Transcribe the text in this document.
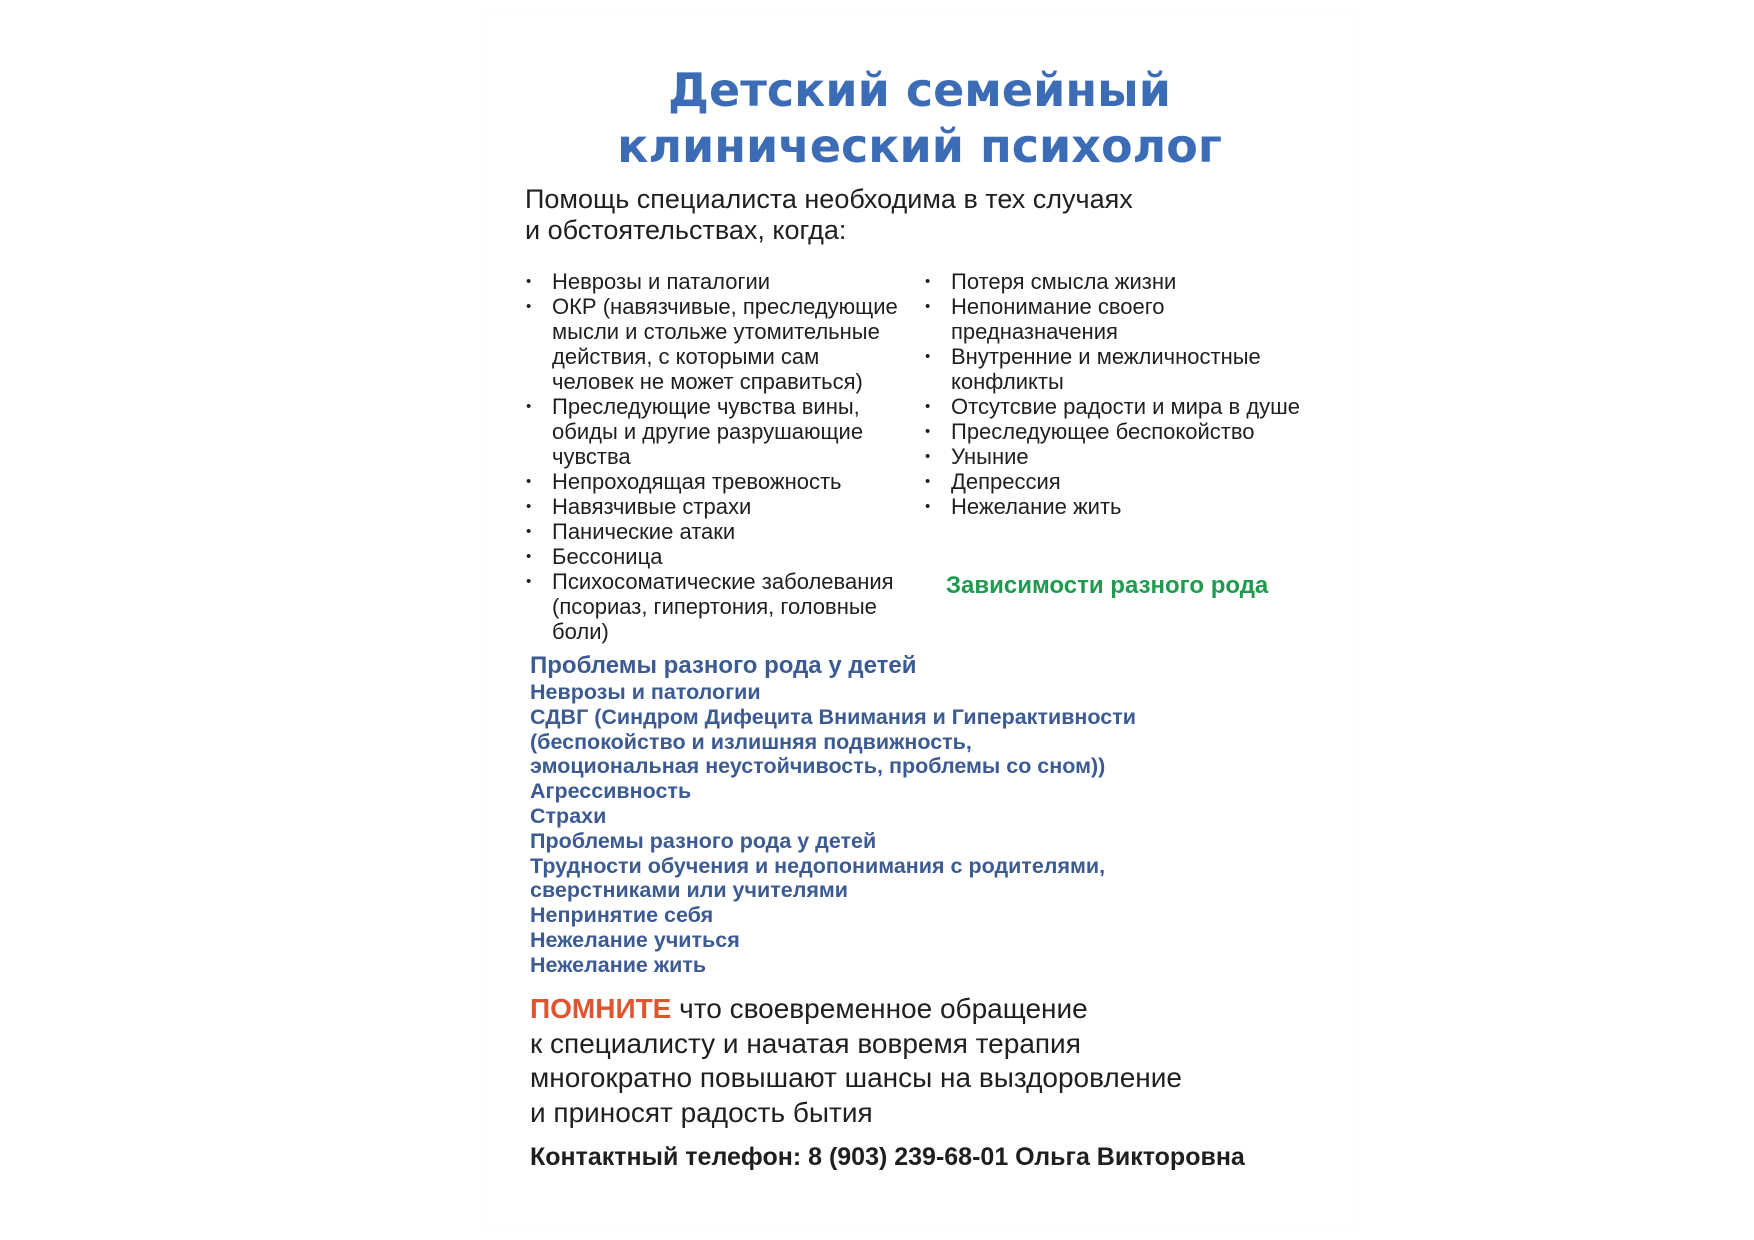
Детский семейный
клинический психолог

Помощь специалиста необходима в тех случаях
и обстоятельствах, когда:

• Неврозы и паталогии
• ОКР (навязчивые, преследующие мысли и стольже утомительные действия, с которыми сам человек не может справиться)
• Преследующие чувства вины, обиды и другие разрушающие чувства
• Непроходящая тревожность
• Навязчивые страхи
• Панические атаки
• Бессоница
• Психосоматические заболевания (псориаз, гипертония, головные боли)
• Потеря смысла жизни
• Непонимание своего предназначения
• Внутренние и межличностные конфликты
• Отсутсвие радости и мира в душе
• Преследующее беспокойство
• Уныние
• Депрессия
• Нежелание жить

Зависимости разного рода

Проблемы разного рода у детей
Неврозы и патологии
СДВГ (Синдром Дифецита Внимания и Гиперактивности
(беспокойство и излишняя подвижность,
эмоциональная неустойчивость, проблемы со сном))
Агрессивность
Страхи
Проблемы разного рода у детей
Трудности обучения и недопонимания с родителями,
сверстниками или учителями
Непринятие себя
Нежелание учиться
Нежелание жить

ПОМНИТЕ что своевременное обращение
к специалисту и начатая вовремя терапия
многократно повышают шансы на выздоровление
и приносят радость бытия

Контактный телефон: 8 (903) 239-68-01 Ольга Викторовна
